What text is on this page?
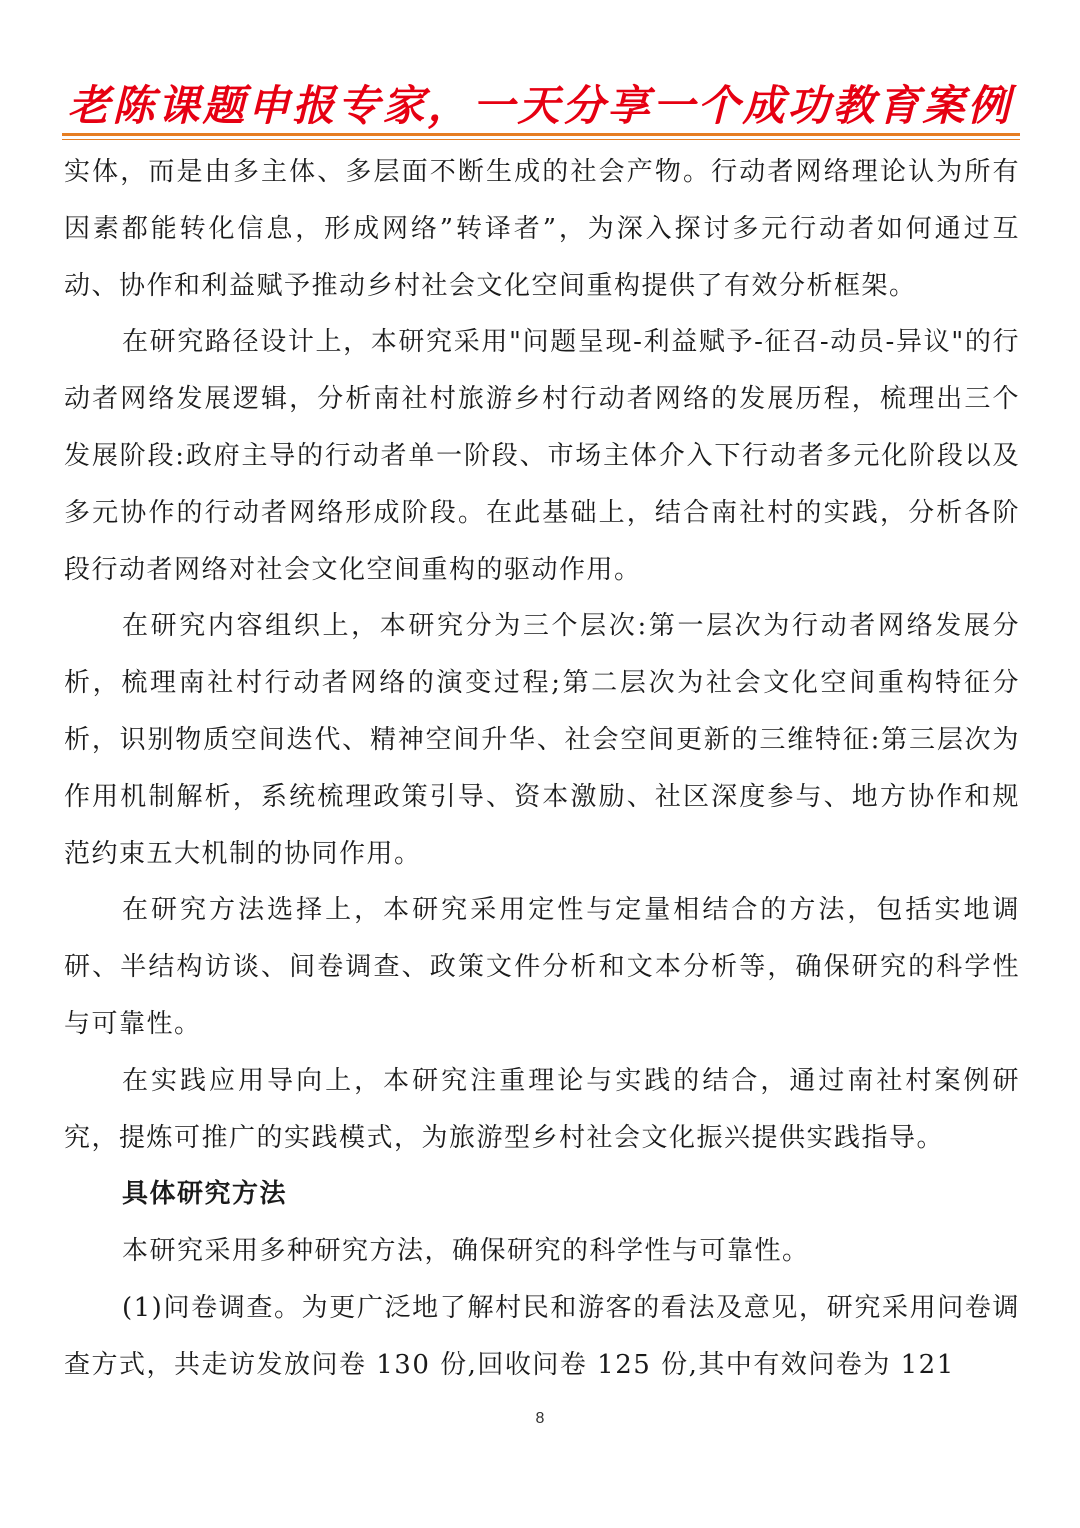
老陈课题申报专家，一天分享一个成功教育案例

实体，而是由多主体、多层面不断生成的社会产物。行动者网络理论认为所有因素都能转化信息，形成网络”转译者”，为深入探讨多元行动者如何通过互动、协作和利益赋予推动乡村社会文化空间重构提供了有效分析框架。

在研究路径设计上，本研究采用"问题呈现-利益赋予-征召-动员-异议"的行动者网络发展逻辑，分析南社村旅游乡村行动者网络的发展历程，梳理出三个发展阶段:政府主导的行动者单一阶段、市场主体介入下行动者多元化阶段以及多元协作的行动者网络形成阶段。在此基础上，结合南社村的实践，分析各阶段行动者网络对社会文化空间重构的驱动作用。

在研究内容组织上，本研究分为三个层次:第一层次为行动者网络发展分析，梳理南社村行动者网络的演变过程;第二层次为社会文化空间重构特征分析，识别物质空间迭代、精神空间升华、社会空间更新的三维特征:第三层次为作用机制解析，系统梳理政策引导、资本激励、社区深度参与、地方协作和规范约束五大机制的协同作用。

在研究方法选择上，本研究采用定性与定量相结合的方法，包括实地调研、半结构访谈、间卷调查、政策文件分析和文本分析等，确保研究的科学性与可靠性。

在实践应用导向上，本研究注重理论与实践的结合，通过南社村案例研究，提炼可推广的实践模式，为旅游型乡村社会文化振兴提供实践指导。

具体研究方法

本研究采用多种研究方法，确保研究的科学性与可靠性。

(1)问卷调查。为更广泛地了解村民和游客的看法及意见，研究采用问卷调查方式，共走访发放问卷 130 份,回收问卷 125 份,其中有效问卷为 121

8
